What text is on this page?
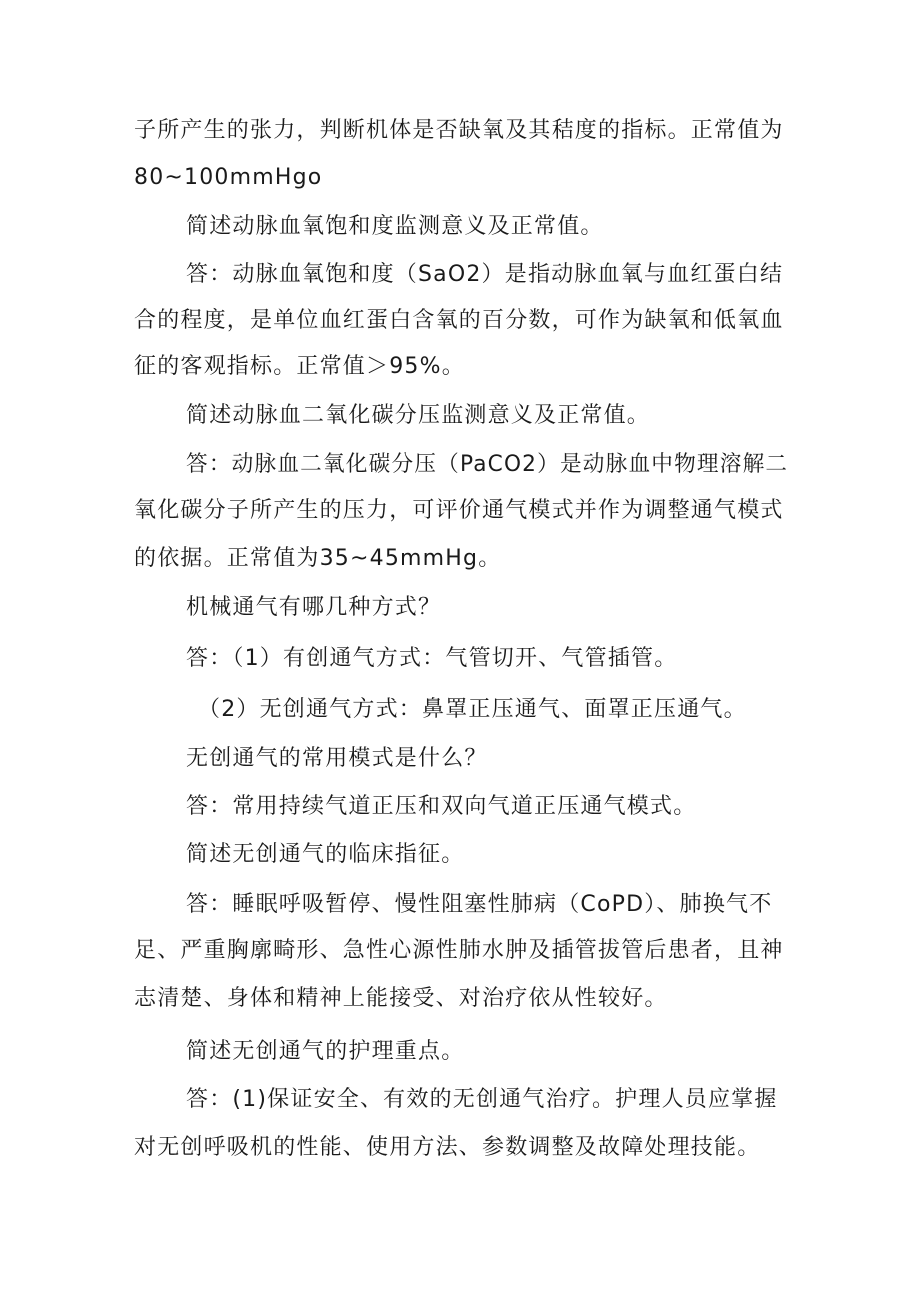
子所产生的张力，判断机体是否缺氧及其秸度的指标。正常值为
80~100mmHgo
简述动脉血氧饱和度监测意义及正常值。
答：动脉血氧饱和度（SaO2）是指动脉血氧与血红蛋白结
合的程度，是单位血红蛋白含氧的百分数，可作为缺氧和低氧血
征的客观指标。正常值＞95%。
简述动脉血二氧化碳分压监测意义及正常值。
答：动脉血二氧化碳分压（PaCO2）是动脉血中物理溶解二
氧化碳分子所产生的压力，可评价通气模式并作为调整通气模式
的依据。正常值为35~45mmHg。
机械通气有哪几种方式？
答：（1）有创通气方式：气管切开、气管插管。
（2）无创通气方式：鼻罩正压通气、面罩正压通气。
无创通气的常用模式是什么？
答：常用持续气道正压和双向气道正压通气模式。
简述无创通气的临床指征。
答：睡眠呼吸暂停、慢性阻塞性肺病（CoPD）、肺换气不
足、严重胸廓畸形、急性心源性肺水肿及插管拔管后患者，且神
志清楚、身体和精神上能接受、对治疗依从性较好。
简述无创通气的护理重点。
答：(1)保证安全、有效的无创通气治疗。护理人员应掌握
对无创呼吸机的性能、使用方法、参数调整及故障处理技能。
